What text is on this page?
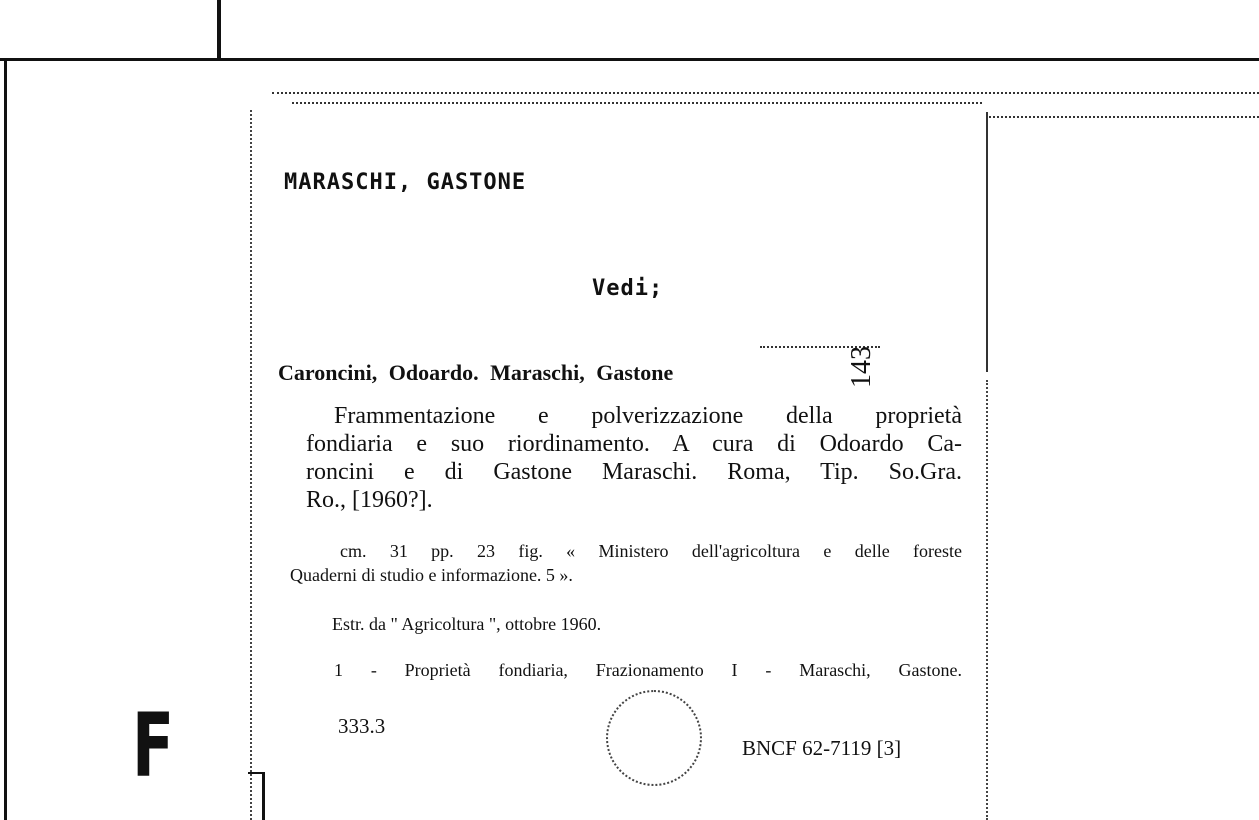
MARASCHI, GASTONE
Vedi;
Caroncini, Odoardo. Maraschi, Gastone	143
Frammentazione e polverizzazione della proprietà
fondiaria e suo riordinamento. A cura di Odoardo Ca-
roncini e di Gastone Maraschi. Roma, Tip. So.Gra.
Ro., [1960?].
cm. 31 pp. 23 fig. « Ministero dell'agricoltura e delle foreste
Quaderni di studio e informazione. 5 ».
Estr. da " Agricoltura ", ottobre 1960.
1 - Proprietà fondiaria, Frazionamento I - Maraschi, Gastone.
333.3
BNCF 62-7119 [3]
F
